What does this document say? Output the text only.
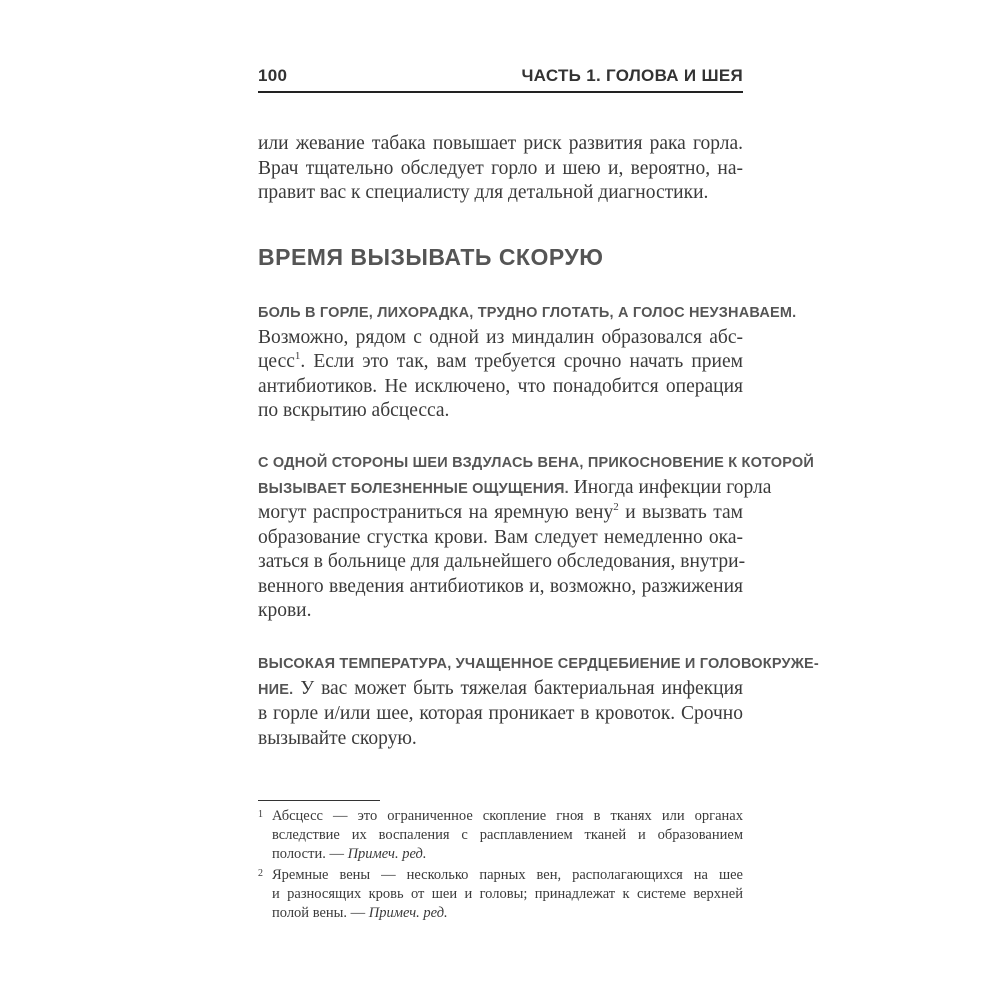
100	ЧАСТЬ 1. ГОЛОВА И ШЕЯ
или жевание табака повышает риск развития рака горла.
Врач тщательно обследует горло и шею и, вероятно, на-
правит вас к специалисту для детальной диагностики.
ВРЕМЯ ВЫЗЫВАТЬ СКОРУЮ
БОЛЬ В ГОРЛЕ, ЛИХОРАДКА, ТРУДНО ГЛОТАТЬ, А ГОЛОС НЕУЗНАВАЕМ.
Возможно, рядом с одной из миндалин образовался абс-
цесс$^1$. Если это так, вам требуется срочно начать прием
антибиотиков. Не исключено, что понадобится операция
по вскрытию абсцесса.
С ОДНОЙ СТОРОНЫ ШЕИ ВЗДУЛАСЬ ВЕНА, ПРИКОСНОВЕНИЕ К КОТОРОЙ
ВЫЗЫВАЕТ БОЛЕЗНЕННЫЕ ОЩУЩЕНИЯ. Иногда инфекции горла
могут распространиться на яремную вену$^2$ и вызвать там
образование сгустка крови. Вам следует немедленно ока-
заться в больнице для дальнейшего обследования, внутри-
венного введения антибиотиков и, возможно, разжижения
крови.
ВЫСОКАЯ ТЕМПЕРАТУРА, УЧАЩЕННОЕ СЕРДЦЕБИЕНИЕ И ГОЛОВОКРУЖЕ-
НИЕ. У вас может быть тяжелая бактериальная инфекция
в горле и/или шее, которая проникает в кровоток. Срочно
вызывайте скорую.
1 Абсцесс — это ограниченное скопление гноя в тканях или органах
вследствие их воспаления с расплавлением тканей и образованием
полости. — Примеч. ред.
2 Яремные вены — несколько парных вен, располагающихся на шее
и разносящих кровь от шеи и головы; принадлежат к системе верхней
полой вены. — Примеч. ред.
